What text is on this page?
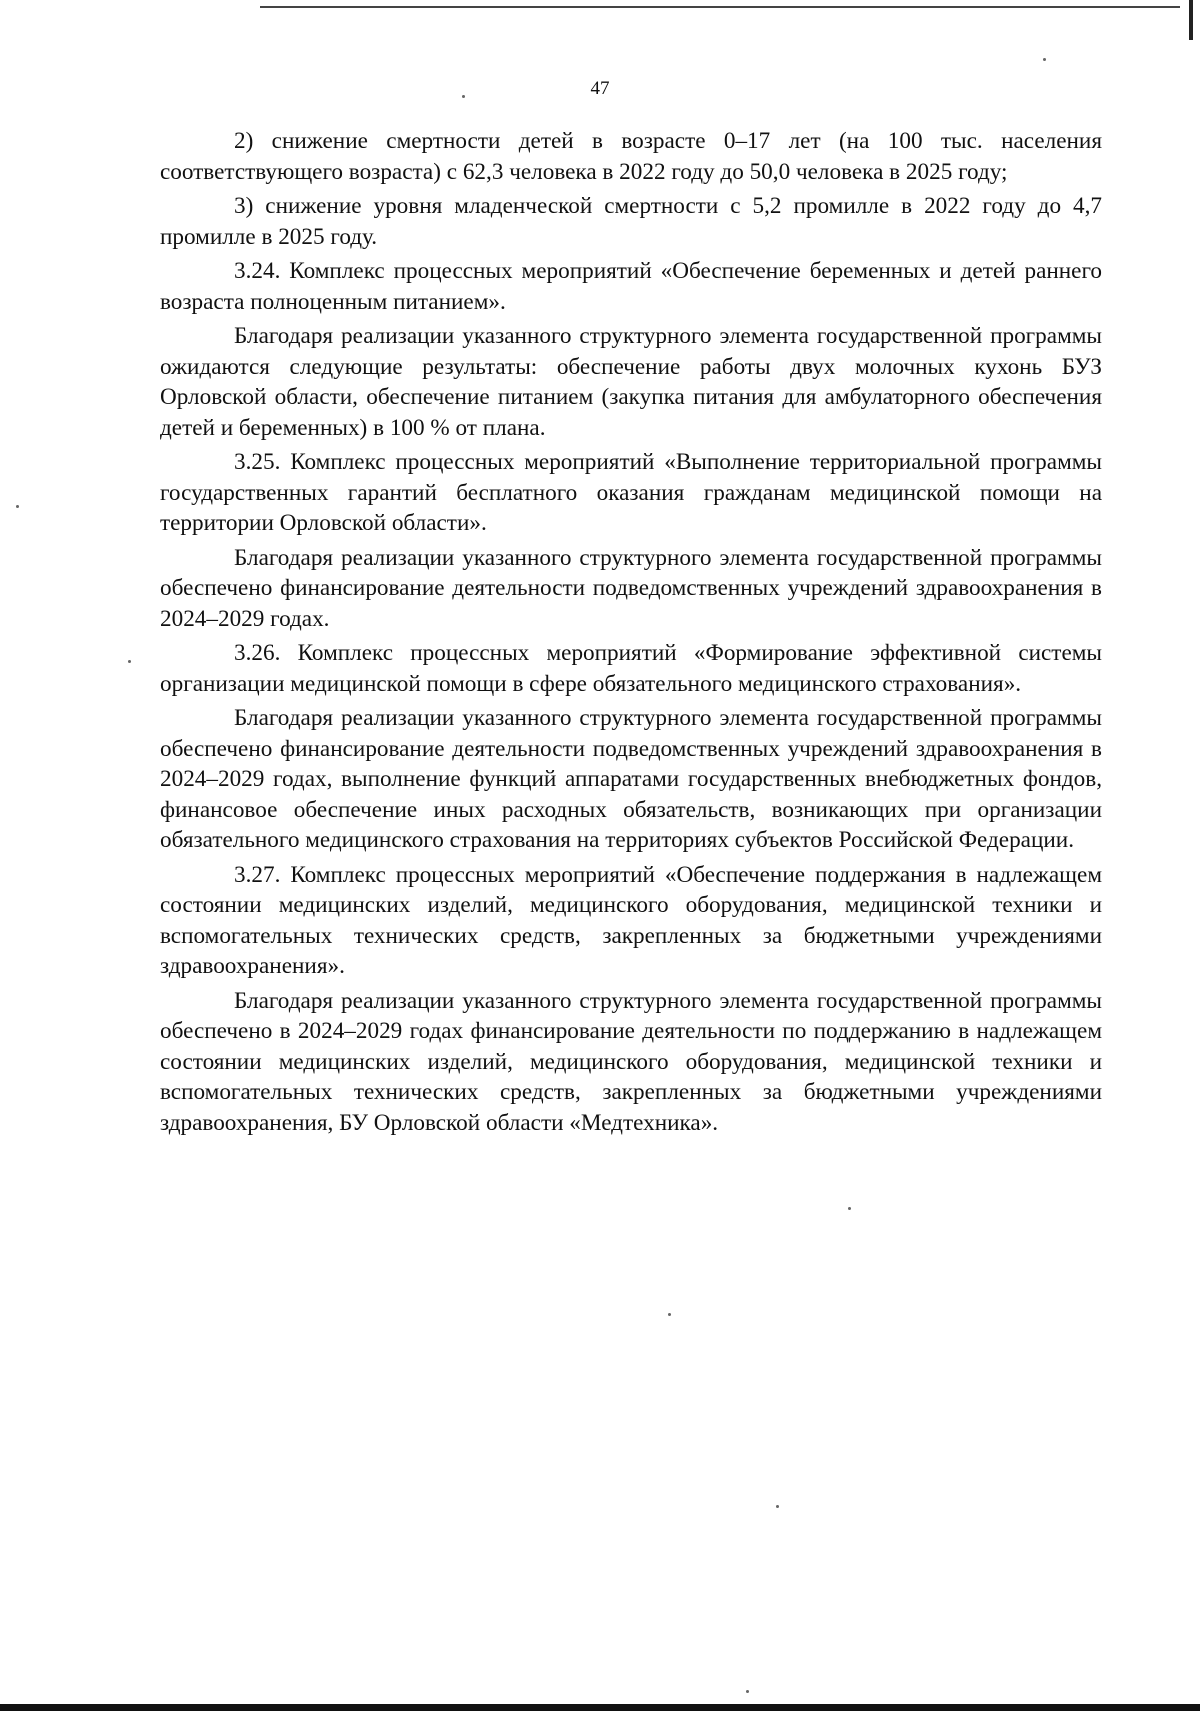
47

2) снижение смертности детей в возрасте 0–17 лет (на 100 тыс. населения соответствующего возраста) с 62,3 человека в 2022 году до 50,0 человека в 2025 году;

3) снижение уровня младенческой смертности с 5,2 промилле в 2022 году до 4,7 промилле в 2025 году.

3.24. Комплекс процессных мероприятий «Обеспечение беременных и детей раннего возраста полноценным питанием».

Благодаря реализации указанного структурного элемента государственной программы ожидаются следующие результаты: обеспечение работы двух молочных кухонь БУЗ Орловской области, обеспечение питанием (закупка питания для амбулаторного обеспечения детей и беременных) в 100 % от плана.

3.25. Комплекс процессных мероприятий «Выполнение территориальной программы государственных гарантий бесплатного оказания гражданам медицинской помощи на территории Орловской области».

Благодаря реализации указанного структурного элемента государственной программы обеспечено финансирование деятельности подведомственных учреждений здравоохранения в 2024–2029 годах.

3.26. Комплекс процессных мероприятий «Формирование эффективной системы организации медицинской помощи в сфере обязательного медицинского страхования».

Благодаря реализации указанного структурного элемента государственной программы обеспечено финансирование деятельности подведомственных учреждений здравоохранения в 2024–2029 годах, выполнение функций аппаратами государственных внебюджетных фондов, финансовое обеспечение иных расходных обязательств, возникающих при организации обязательного медицинского страхования на территориях субъектов Российской Федерации.

3.27. Комплекс процессных мероприятий «Обеспечение поддержания в надлежащем состоянии медицинских изделий, медицинского оборудования, медицинской техники и вспомогательных технических средств, закрепленных за бюджетными учреждениями здравоохранения».

Благодаря реализации указанного структурного элемента государственной программы обеспечено в 2024–2029 годах финансирование деятельности по поддержанию в надлежащем состоянии медицинских изделий, медицинского оборудования, медицинской техники и вспомогательных технических средств, закрепленных за бюджетными учреждениями здравоохранения, БУ Орловской области «Медтехника».
